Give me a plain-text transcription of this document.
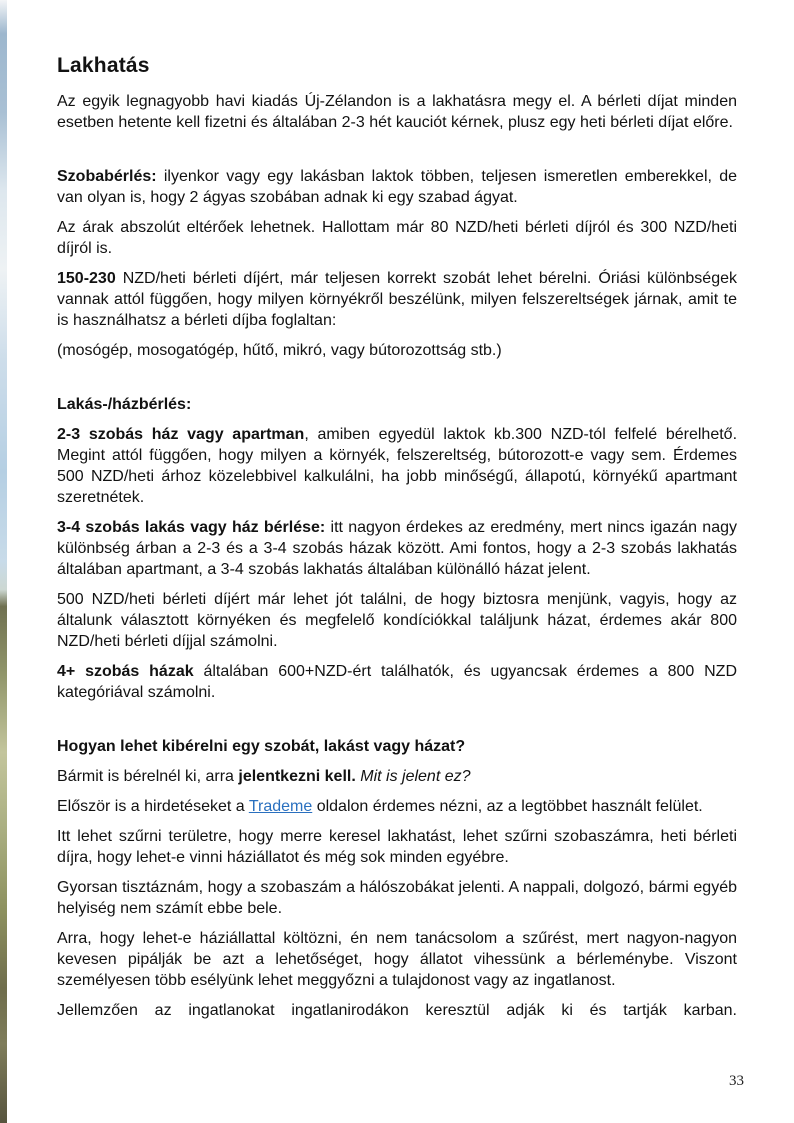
Lakhatás

Az egyik legnagyobb havi kiadás Új-Zélandon is a lakhatásra megy el. A bérleti díjat minden esetben hetente kell fizetni és általában 2-3 hét kauciót kérnek, plusz egy heti bérleti díjat előre.

Szobabérlés: ilyenkor vagy egy lakásban laktok többen, teljesen ismeretlen emberekkel, de van olyan is, hogy 2 ágyas szobában adnak ki egy szabad ágyat.

Az árak abszolút eltérőek lehetnek. Hallottam már 80 NZD/heti bérleti díjról és 300 NZD/heti díjról is.

150-230 NZD/heti bérleti díjért, már teljesen korrekt szobát lehet bérelni. Óriási különbségek vannak attól függően, hogy milyen környékről beszélünk, milyen felszereltségek járnak, amit te is használhatsz a bérleti díjba foglaltan:

(mosógép, mosogatógép, hűtő, mikró, vagy bútorozottság stb.)

Lakás-/házbérlés:

2-3 szobás ház vagy apartman, amiben egyedül laktok kb.300 NZD-tól felfelé bérelhető. Megint attól függően, hogy milyen a környék, felszereltség, bútorozott-e vagy sem. Érdemes 500 NZD/heti árhoz közelebbivel kalkulálni, ha jobb minőségű, állapotú, környékű apartmant szeretnétek.

3-4 szobás lakás vagy ház bérlése: itt nagyon érdekes az eredmény, mert nincs igazán nagy különbség árban a 2-3 és a 3-4 szobás házak között. Ami fontos, hogy a 2-3 szobás lakhatás általában apartmant, a 3-4 szobás lakhatás általában különálló házat jelent.

500 NZD/heti bérleti díjért már lehet jót találni, de hogy biztosra menjünk, vagyis, hogy az általunk választott környéken és megfelelő kondíciókkal találjunk házat, érdemes akár 800 NZD/heti bérleti díjjal számolni.

4+ szobás házak általában 600+NZD-ért találhatók, és ugyancsak érdemes a 800 NZD kategóriával számolni.

Hogyan lehet kibérelni egy szobát, lakást vagy házat?

Bármit is bérelnél ki, arra jelentkezni kell. Mit is jelent ez?

Először is a hirdetéseket a Trademe oldalon érdemes nézni, az a legtöbbet használt felület.

Itt lehet szűrni területre, hogy merre keresel lakhatást, lehet szűrni szobaszámra, heti bérleti díjra, hogy lehet-e vinni háziállatot és még sok minden egyébre.

Gyorsan tisztáznám, hogy a szobaszám a hálószobákat jelenti. A nappali, dolgozó, bármi egyéb helyiség nem számít ebbe bele.

Arra, hogy lehet-e háziállattal költözni, én nem tanácsolom a szűrést, mert nagyon-nagyon kevesen pipálják be azt a lehetőséget, hogy állatot vihessünk a bérleménybe. Viszont személyesen több esélyünk lehet meggyőzni a tulajdonost vagy az ingatlanost.

Jellemzően az ingatlanokat ingatlanirodákon keresztül adják ki és tartják karban.

33
